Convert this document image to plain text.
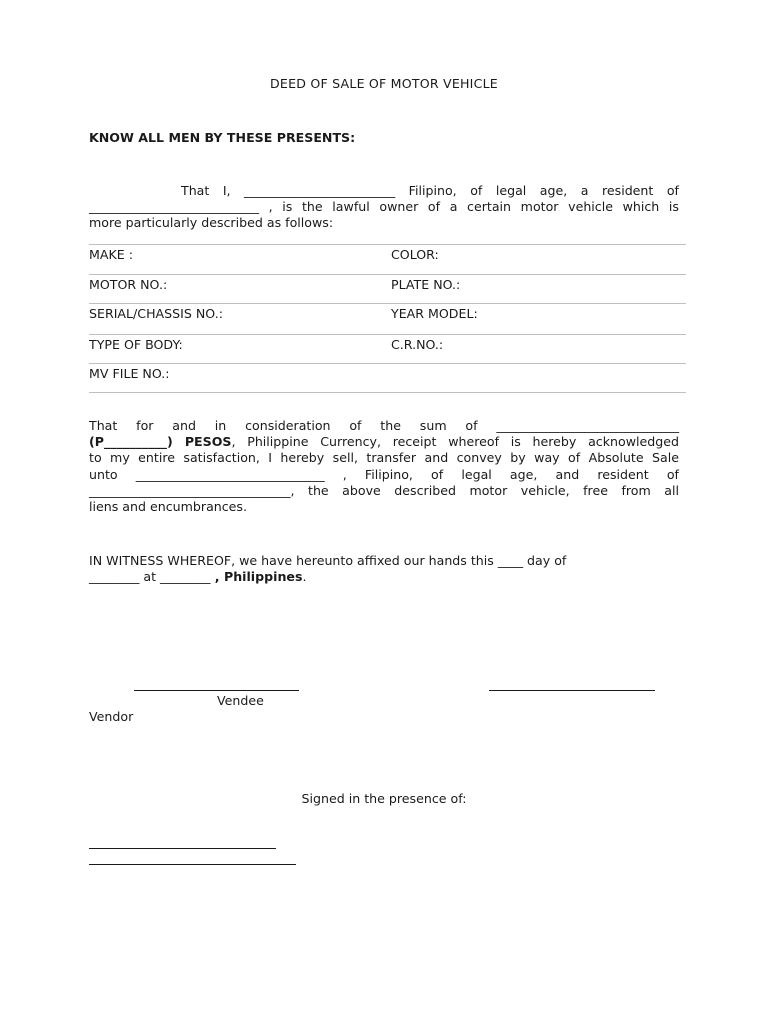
DEED OF SALE OF MOTOR VEHICLE
KNOW ALL MEN BY THESE PRESENTS:
That I, ________________________ Filipino, of legal age, a resident of
___________________________ , is the lawful owner of a certain motor vehicle which is
more particularly described as follows:
MAKE :	COLOR:
MOTOR NO.:	PLATE NO.:
SERIAL/CHASSIS NO.:	YEAR MODEL:
TYPE OF BODY:	C.R.NO.:
MV FILE NO.:	
That for and in consideration of the sum of _____________________________
(P__________) PESOS, Philippine Currency, receipt whereof is hereby acknowledged
to my entire satisfaction, I hereby sell, transfer and convey by way of Absolute Sale
unto ______________________________ , Filipino, of legal age, and resident of
________________________________, the above described motor vehicle, free from all
liens and encumbrances.
IN WITNESS WHEREOF, we have hereunto affixed our hands this ____ day of
________ at ________ , Philippines.
Vendee
Vendor
Signed in the presence of:
